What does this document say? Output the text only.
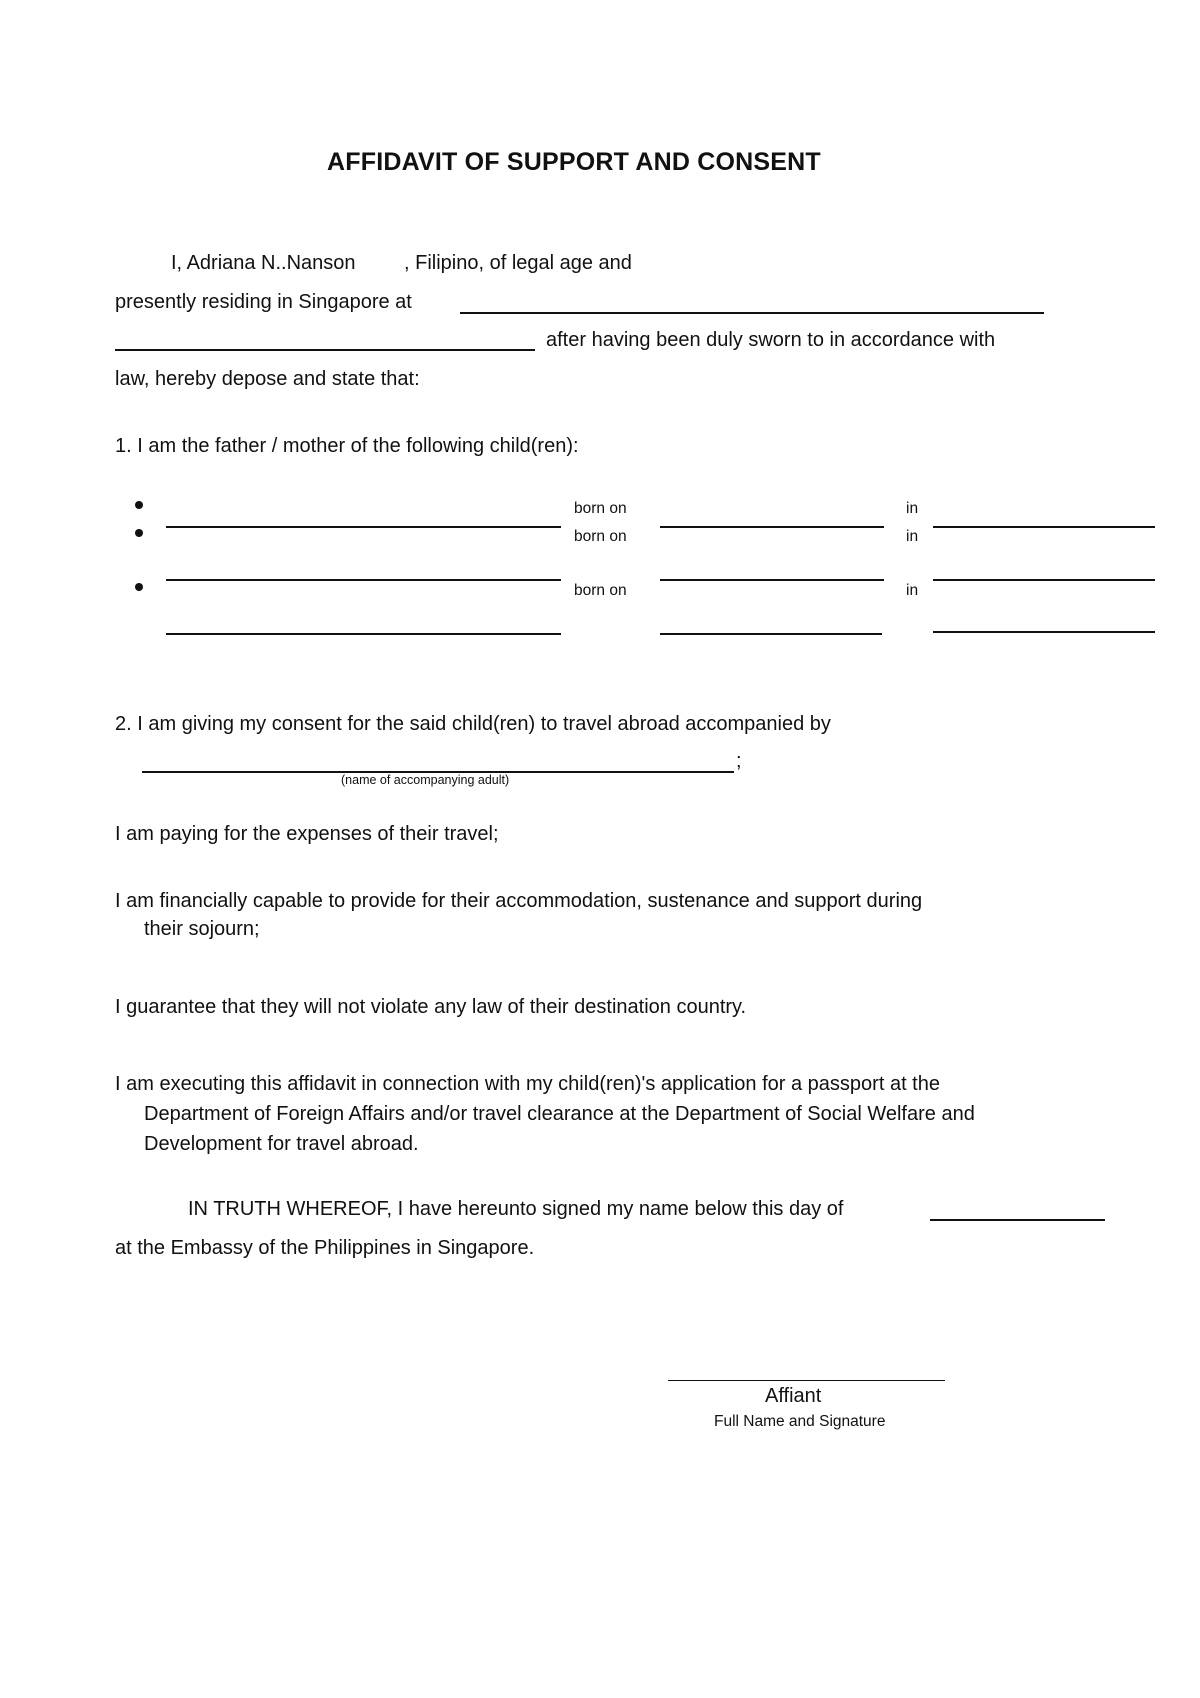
AFFIDAVIT OF SUPPORT AND CONSENT
I, Adriana N..Nanson , Filipino, of legal age and
presently residing in Singapore at
after having been duly sworn to in accordance with
law, hereby depose and state that:
1. I am the father / mother of the following child(ren):
born on	in
born on	in
born on	in
2. I am giving my consent for the said child(ren) to travel abroad accompanied by
;
(name of accompanying adult)
I am paying for the expenses of their travel;
I am financially capable to provide for their accommodation, sustenance and support during
their sojourn;
I guarantee that they will not violate any law of their destination country.
I am executing this affidavit in connection with my child(ren)'s application for a passport at the
Department of Foreign Affairs and/or travel clearance at the Department of Social Welfare and
Development for travel abroad.
IN TRUTH WHEREOF, I have hereunto signed my name below this day of
at the Embassy of the Philippines in Singapore.
Affiant
Full Name and Signature
